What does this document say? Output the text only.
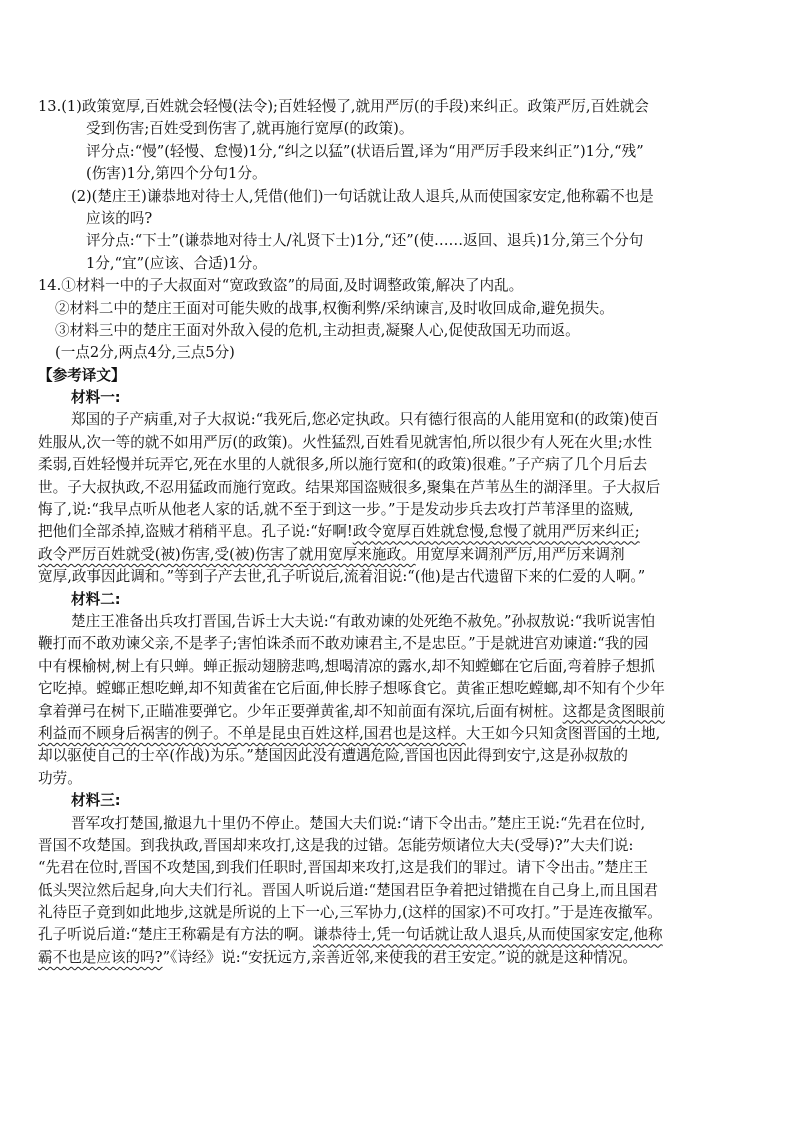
13.(1)政策宽厚,百姓就会轻慢(法令);百姓轻慢了,就用严厉(的手段)来纠正。政策严厉,百姓就会
受到伤害;百姓受到伤害了,就再施行宽厚(的政策)。
评分点:“慢”(轻慢、怠慢)1分,“纠之以猛”(状语后置,译为“用严厉手段来纠正”)1分,“残”
(伤害)1分,第四个分句1分。
(2)(楚庄王)谦恭地对待士人,凭借(他们)一句话就让敌人退兵,从而使国家安定,他称霸不也是
应该的吗?
评分点:“下士”(谦恭地对待士人/礼贤下士)1分,“还”(使……返回、退兵)1分,第三个分句
1分,“宜”(应该、合适)1分。
14.①材料一中的子大叔面对“宽政致盗”的局面,及时调整政策,解决了内乱。
②材料二中的楚庄王面对可能失败的战事,权衡利弊/采纳谏言,及时收回成命,避免损失。
③材料三中的楚庄王面对外敌入侵的危机,主动担责,凝聚人心,促使敌国无功而返。
(一点2分,两点4分,三点5分)
【参考译文】
材料一:
郑国的子产病重,对子大叔说:“我死后,您必定执政。只有德行很高的人能用宽和(的政策)使百
姓服从,次一等的就不如用严厉(的政策)。火性猛烈,百姓看见就害怕,所以很少有人死在火里;水性
柔弱,百姓轻慢并玩弄它,死在水里的人就很多,所以施行宽和(的政策)很难。”子产病了几个月后去
世。子大叔执政,不忍用猛政而施行宽政。结果郑国盗贼很多,聚集在芦苇丛生的湖泽里。子大叔后
悔了,说:“我早点听从他老人家的话,就不至于到这一步。”于是发动步兵去攻打芦苇泽里的盗贼,
把他们全部杀掉,盗贼才稍稍平息。孔子说:“好啊!政令宽厚百姓就怠慢,怠慢了就用严厉来纠正;
政令严厉百姓就受(被)伤害,受(被)伤害了就用宽厚来施政。用宽厚来调剂严厉,用严厉来调剂
宽厚,政事因此调和。”等到子产去世,孔子听说后,流着泪说:“(他)是古代遗留下来的仁爱的人啊。”
材料二:
楚庄王准备出兵攻打晋国,告诉士大夫说:“有敢劝谏的处死绝不赦免。”孙叔敖说:“我听说害怕
鞭打而不敢劝谏父亲,不是孝子;害怕诛杀而不敢劝谏君主,不是忠臣。”于是就进宫劝谏道:“我的园
中有棵榆树,树上有只蝉。蝉正振动翅膀悲鸣,想喝清凉的露水,却不知螳螂在它后面,弯着脖子想抓
它吃掉。螳螂正想吃蝉,却不知黄雀在它后面,伸长脖子想啄食它。黄雀正想吃螳螂,却不知有个少年
拿着弹弓在树下,正瞄准要弹它。少年正要弹黄雀,却不知前面有深坑,后面有树桩。这都是贪图眼前
利益而不顾身后祸害的例子。不单是昆虫百姓这样,国君也是这样。大王如今只知贪图晋国的土地,
却以驱使自己的士卒(作战)为乐。”楚国因此没有遭遇危险,晋国也因此得到安宁,这是孙叔敖的
功劳。
材料三:
晋军攻打楚国,撤退九十里仍不停止。楚国大夫们说:“请下令出击。”楚庄王说:“先君在位时,
晋国不攻楚国。到我执政,晋国却来攻打,这是我的过错。怎能劳烦诸位大夫(受辱)?”大夫们说:
“先君在位时,晋国不攻楚国,到我们任职时,晋国却来攻打,这是我们的罪过。请下令出击。”楚庄王
低头哭泣然后起身,向大夫们行礼。晋国人听说后道:“楚国君臣争着把过错揽在自己身上,而且国君
礼待臣子竟到如此地步,这就是所说的上下一心,三军协力,(这样的国家)不可攻打。”于是连夜撤军。
孔子听说后道:“楚庄王称霸是有方法的啊。谦恭待士,凭一句话就让敌人退兵,从而使国家安定,他称
霸不也是应该的吗?”《诗经》说:“安抚远方,亲善近邻,来使我的君王安定。”说的就是这种情况。
